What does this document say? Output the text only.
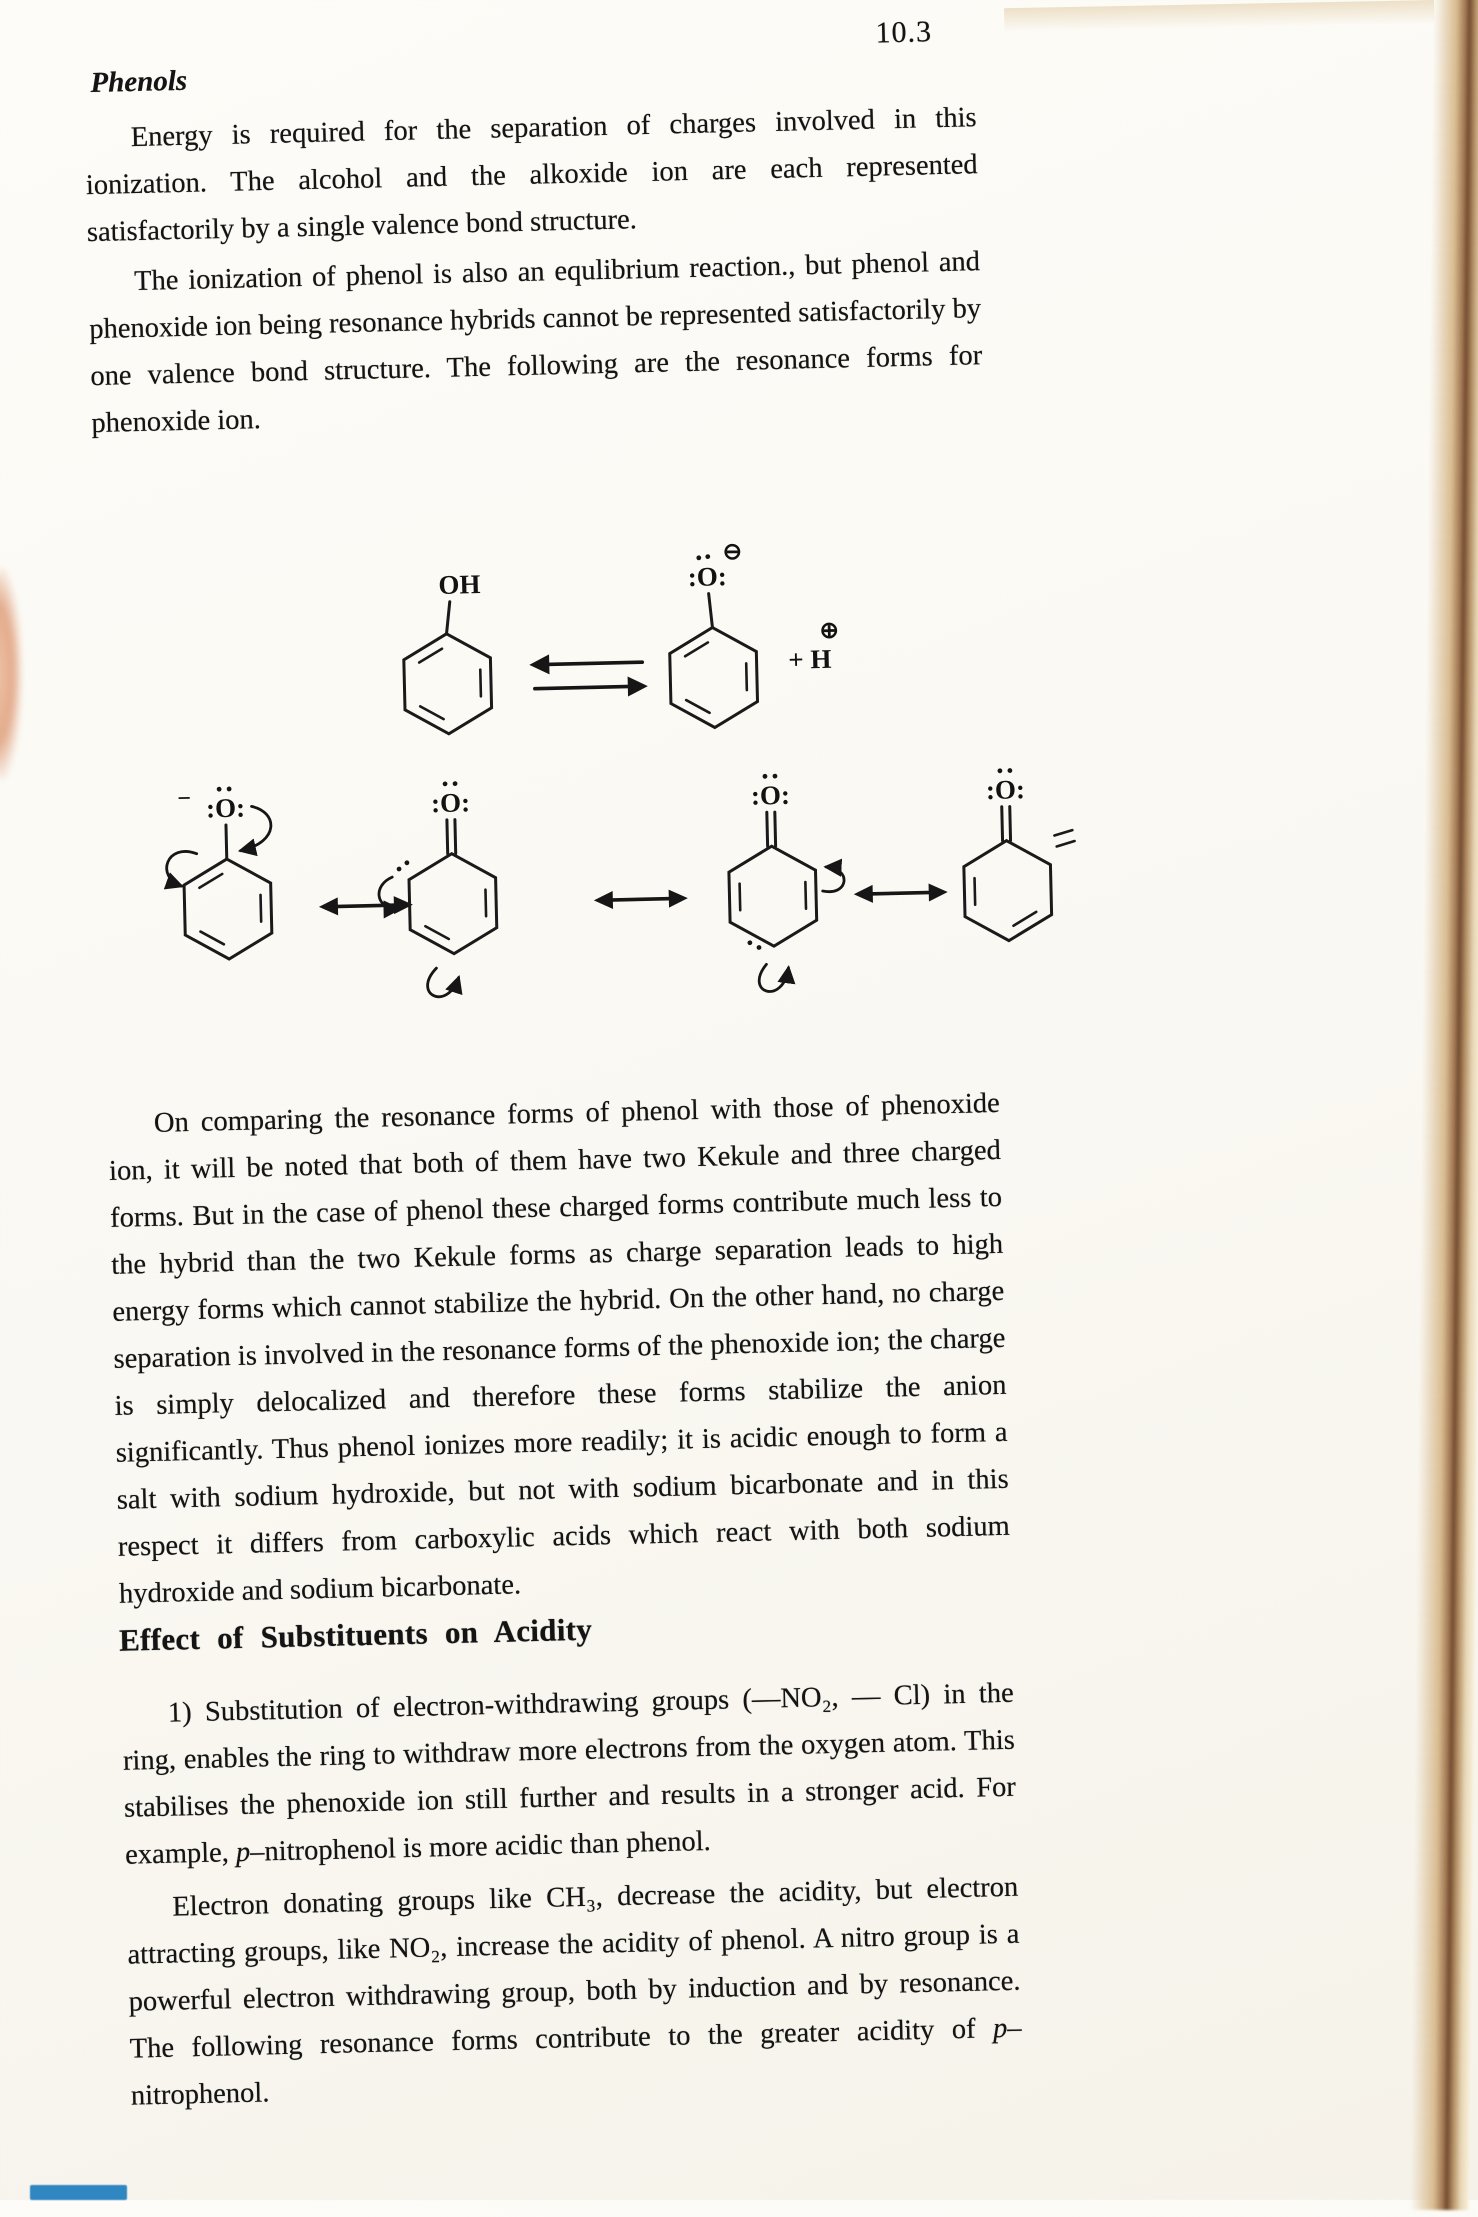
10.3
Phenols

Energy is required for the separation of charges involved in this ionization. The alcohol and the alkoxide ion are each represented satisfactorily by a single valence bond structure.

The ionization of phenol is also an equlibrium reaction., but phenol and phenoxide ion being resonance hybrids cannot be represented satisfactorily by one valence bond structure. The following are the resonance forms for phenoxide ion.

OH	:O:
⊖
+ H
⊕
:O:
−	:O:	:O:	:O:

On comparing the resonance forms of phenol with those of phenoxide ion, it will be noted that both of them have two Kekule and three charged forms. But in the case of phenol these charged forms contribute much less to the hybrid than the two Kekule forms as charge separation leads to high energy forms which cannot stabilize the hybrid. On the other hand, no charge separation is involved in the resonance forms of the phenoxide ion; the charge is simply delocalized and therefore these forms stabilize the anion significantly. Thus phenol ionizes more readily; it is acidic enough to form a salt with sodium hydroxide, but not with sodium bicarbonate and in this respect it differs from carboxylic acids which react with both sodium hydroxide and sodium bicarbonate.

Effect of Substituents on Acidity

1) Substitution of electron-withdrawing groups (—NO₂, — Cl) in the ring, enables the ring to withdraw more electrons from the oxygen atom. This stabilises the phenoxide ion still further and results in a stronger acid. For example, p–nitrophenol is more acidic than phenol.

Electron donating groups like CH₃, decrease the acidity, but electron attracting groups, like NO₂, increase the acidity of phenol. A nitro group is a powerful electron withdrawing group, both by induction and by resonance. The following resonance forms contribute to the greater acidity of p–nitrophenol.
